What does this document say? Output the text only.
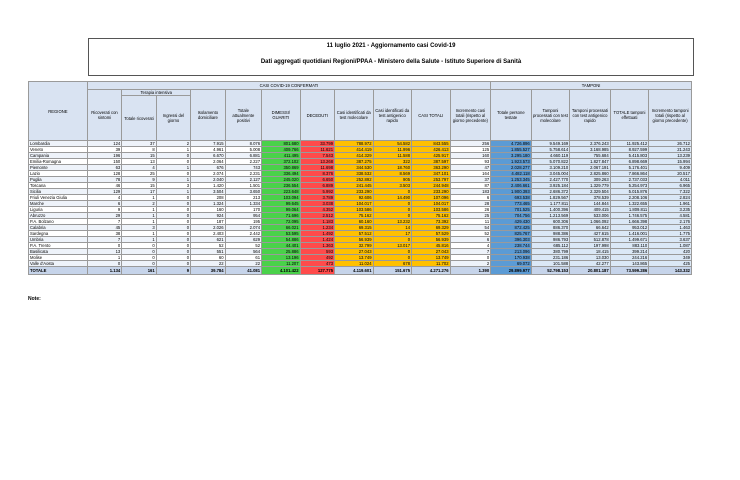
11 luglio 2021 - Aggiornamento casi Covid-19
Dati aggregati quotidiani Regioni/PPAA - Ministero della Salute - Istituto Superiore di Sanità
REGIONE	CASI COVID-19 CONFERMATI											TAMPONI				
	Ricoverati con sintomi	Terapia intensiva		Isolamento domiciliare	Totale attualmente positivi	DIMESSI/ GUARITI	DECEDUTI	Casi identificati da test molecolare	Casi identificati da test antigenico rapido	CASI TOTALI	Incremento casi totali (rispetto al giorno precedente)	Totale persone testate	Tamponi processati con test molecolare	Tamponi processati con test antigenico rapido	TOTALE tamponi effettuati	Incremento tamponi totali (rispetto al giorno precedente)
		Totale ricoverati	Ingressi del giorno													
Lombardia	124	37	2	7.915	8.076	801.680	33.799	788.972	54.582	843.555	256	4.726.896	9.549.169	2.376.243	11.925.412	26.712
Veneto	39	8	1	4.961	5.008	409.766	11.621	414.419	11.996	426.413	125	1.855.527	5.758.614	3.168.985	8.927.599	21.243
Campania	196	15	0	6.670	6.881	411.495	7.543	414.329	11.588	425.917	160	3.295.180	4.660.119	755.684	5.415.803	13.239
Emilia-Romagna	150	13	0	2.064	2.227	372.102	13.268	387.275	322	387.597	93	1.923.573	5.070.822	1.827.847	6.898.669	15.994
Piemonte	63	4	1	676	743	350.869	11.698	344.530	18.760	363.290	47	2.028.277	3.109.210	2.067.191	5.176.401	9.409
Lazio	128	25	0	2.074	2.231	336.494	8.376	338.532	8.569	347.101	164	4.482.118	3.045.004	2.825.860	7.866.864	20.517
Puglia	78	9	1	2.040	2.127	245.020	6.650	252.892	905	253.797	37	1.253.345	2.427.770	309.263	2.737.033	4.011
Toscana	46	15	3	1.420	1.501	236.554	6.889	241.445	3.503	244.948	87	2.406.661	3.925.184	1.329.779	5.254.973	6.965
Sicilia	129	17	1	3.504	3.650	223.648	5.992	233.290	0	233.290	183	1.900.393	2.686.372	2.329.504	5.015.876	7.322
Friuli Venezia Giulia	4	1	0	208	213	103.094	3.789	92.606	14.490	107.096	6	693.538	1.829.567	378.539	2.208.106	2.824
Marche	6	2	0	1.324	1.334	99.645	3.038	104.017	0	104.017	28	773.465	1.177.811	144.844	1.322.655	1.961
Liguria	9	1	0	160	170	99.064	4.352	103.586	0	103.586	26	701.525	1.400.396	409.415	1.809.811	3.235
Abruzzo	29	1	0	924	954	71.696	2.512	75.162	0	75.162	25	704.756	1.213.569	533.006	1.746.575	4.581
P.A. Bolzano	7	1	0	187	195	72.095	1.183	60.160	13.232	73.392	11	429.430	600.306	1.066.092	1.666.398	2.176
Calabria	45	3	0	2.026	2.074	66.021	1.234	69.315	14	69.329	54	872.425	886.370	66.642	953.012	1.463
Sardegna	38	1	0	2.403	2.442	53.595	1.492	57.512	17	57.529	52	825.767	988.386	427.615	1.416.001	1.775
Umbria	7	1	0	621	629	54.886	1.424	56.939	0	56.939	6	396.303	986.793	512.878	1.499.671	3.637
P.A. Trento	0	0	0	52	52	44.401	1.363	32.799	13.017	45.816	4	238.744	685.112	197.998	883.110	1.087
Basilicata	13	0	0	551	564	25.886	593	27.043	0	27.043	7	213.096	380.799	18.415	399.214	420
Molise	1	0	0	60	61	13.196	492	13.749	0	13.749	0	170.938	231.186	13.030	244.216	349
Valle d'Aosta	0	0	0	22	22	11.207	473	11.024	678	11.702	2	69.072	101.588	42.277	143.865	425
TOTALE	1.134	161	9	39.784	41.081	4.101.422	127.775	4.119.601	151.675	4.271.276	1.390	29.899.977	52.798.153	20.801.187	73.599.286	143.332
Note:
